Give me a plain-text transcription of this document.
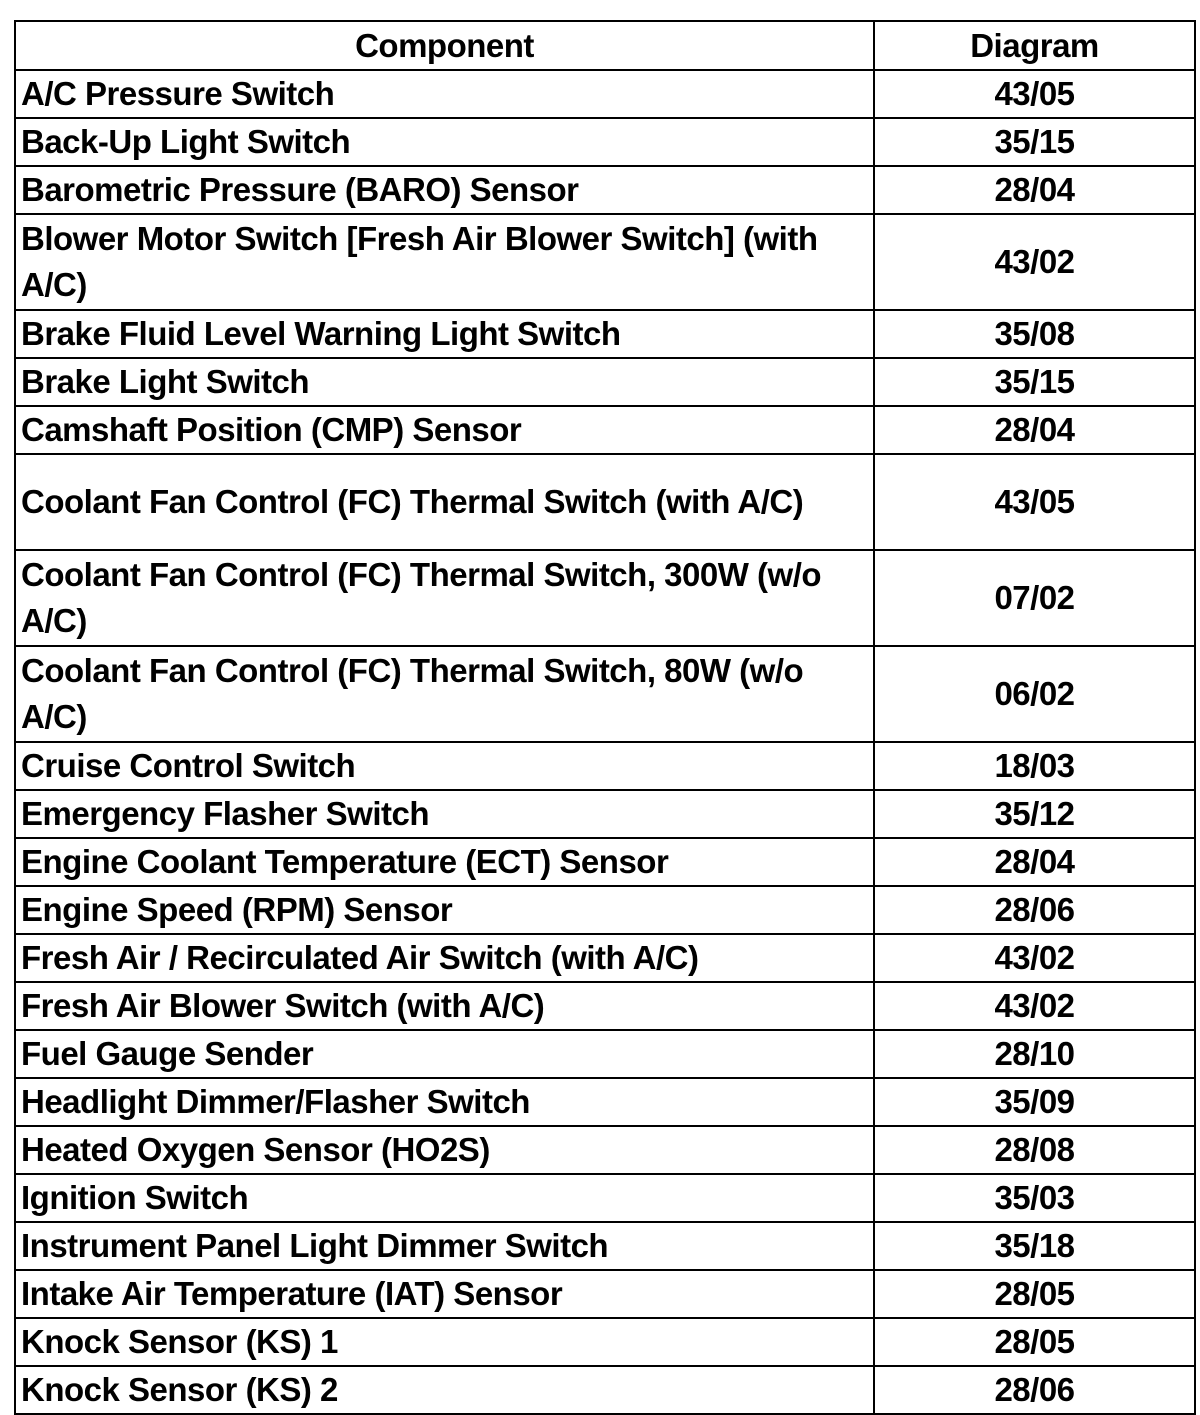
Component	Diagram
A/C Pressure Switch	43/05
Back-Up Light Switch	35/15
Barometric Pressure (BARO) Sensor	28/04
Blower Motor Switch [Fresh Air Blower Switch] (with A/C)	43/02
Brake Fluid Level Warning Light Switch	35/08
Brake Light Switch	35/15
Camshaft Position (CMP) Sensor	28/04
Coolant Fan Control (FC) Thermal Switch (with A/C)	43/05
Coolant Fan Control (FC) Thermal Switch, 300W (w/o A/C)	07/02
Coolant Fan Control (FC) Thermal Switch, 80W (w/o A/C)	06/02
Cruise Control Switch	18/03
Emergency Flasher Switch	35/12
Engine Coolant Temperature (ECT) Sensor	28/04
Engine Speed (RPM) Sensor	28/06
Fresh Air / Recirculated Air Switch (with A/C)	43/02
Fresh Air Blower Switch (with A/C)	43/02
Fuel Gauge Sender	28/10
Headlight Dimmer/Flasher Switch	35/09
Heated Oxygen Sensor (HO2S)	28/08
Ignition Switch	35/03
Instrument Panel Light Dimmer Switch	35/18
Intake Air Temperature (IAT) Sensor	28/05
Knock Sensor (KS) 1	28/05
Knock Sensor (KS) 2	28/06
